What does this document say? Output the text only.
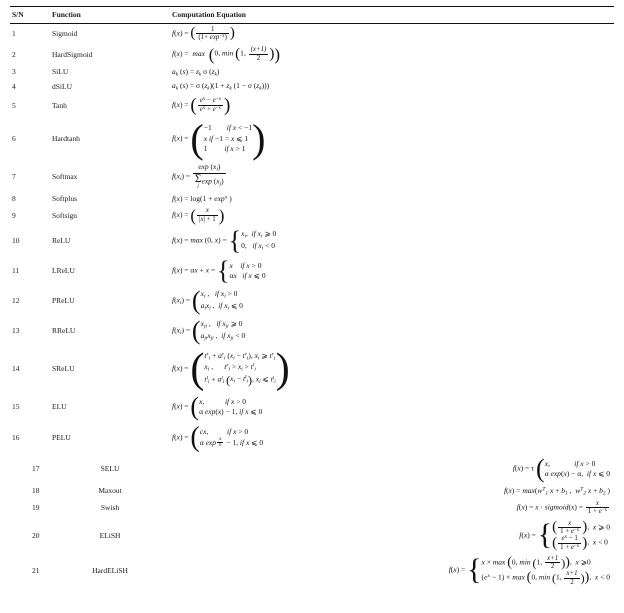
S/N	Function	Computation Equation
1	Sigmoid	f(x) = ( $\frac{1}{(1+ \exp^{-x})}$ )

2	HardSigmoid	f(x) = max ( 0, min ( 1, $\frac{(x+1)}{2}$ ) )

3	SiLU	$a_k$ $(s) = z_k$ σ $(z_k)$
4	dSiLU	$a_k$ (s) = σ $(z_k)(1 + z_k$ (1 − σ $(z_k)$))
5	Tanh	f(x) = ( $\frac{e^x - e^{-x}}{e^x + e^{-x}}$ )

6	Hardtanh	f(x) = ( −1        if x < −1
x if −1 = x ⩽ 1
1         if x > 1 )

7	Softmax	$f(x_i) = \exp (x_i)$
Σ
j
$\exp (x_j)$

8	Softplus	$f(x) = \log(1 + \exp^x$ )
9	Softsign	f(x) = ( $\frac{x}{|x| + 1}$ )

10	ReLU	f(x) = max (0, x) = { $x_i$,  if $x_i$ ⩾ 0
0,   if $x_i < 0$

11	LReLU	f(x) = αx + x = { x if x > 0
αx if x ⩽ 0

12	PReLU	$f(x_i)$ = ( $x_i$ ,   if $x_i > 0$
$a_ix_i$ ,  if $x_i$ ⩽ 0

13	RReLU	$f(x_i)$ = ( $x_{ji}$ ,   if $x_{ji}$ ⩾ 0
$a_{ji}x_{ji}$ ,  if $x_{ji} < 0$

14	SReLU	f(x) = ( $t^r_i + a^r_i$ $(x_i - t^r_i)$, $x_i$ ⩾ $t^r_i$
$x_i$ ,      $t^r_i > x_i > t^l_i$
$t^l_i + a^l_i$ ( $x_i - t^l_i$ ) , $x_i$ ⩽ $t^l_i$ )

15	ELU	f(x) = ( x, if x > 0
α exp(x) − 1, if x ⩽ 0

16	PELU	f(x) = ( cx,	if x > 0
α exp $^{\frac{x}{b}}$ − 1, if x ⩽ 0

17	SELU	f(x) = τ ( x, if x > 0
α exp(x) − α,  if x ⩽ 0

18	Maxout	$f(x) = \max(w^T_1$ $x + b_1$ ,  $w^T_2$ $x + b_2$ )
19	Swish	f(x) = x · sigmoid(x) = $\frac{x}{1 + e^{-x}}$

20	ELiSH	f(x) = { ( $\frac{x}{1 + e^{-x}}$ ) ,  x ⩾ 0
( $\frac{e^x - 1}{1 + e^{-x}}$ ) ,  x < 0

21	HardELiSH	f(x) = { x × max ( 0, min ( 1, $\frac{x+1}{2}$ ) ) ,  x ⩾0
$(e^x - 1) \times \max$ ( 0, min ( 1, $\frac{x+1}{2}$ ) ) ,  x < 0
